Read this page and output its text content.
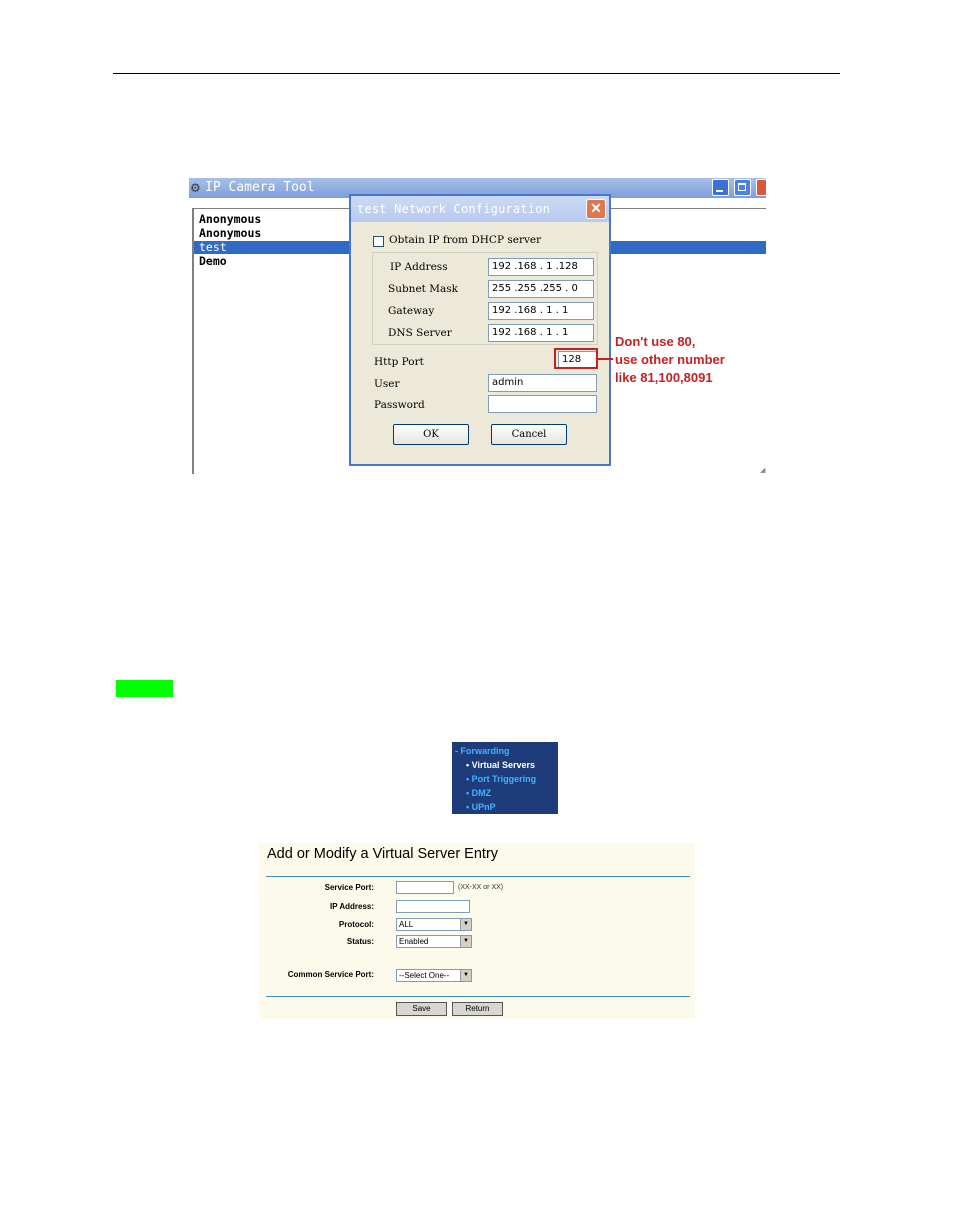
⚙ IP Camera Tool
Anonymous
Anonymous
test
Demo
◢
test Network Configuration	✕
Obtain IP from DHCP server
IP Address	192 .168 . 1 .128
Subnet Mask	255 .255 .255 . 0
Gateway	192 .168 . 1 . 1
DNS Server	192 .168 . 1 . 1
Http Port	128
User	admin
Password
OK	Cancel
Don't use 80,
use other number
like 81,100,8091
- Forwarding
• Virtual Servers
• Port Triggering
• DMZ
• UPnP
Add or Modify a Virtual Server Entry
Service Port:	(XX-XX or XX)
IP Address:
Protocol:	ALL	▼
Status:	Enabled	▼
Common Service Port:	--Select One--	▼
Save	Return
